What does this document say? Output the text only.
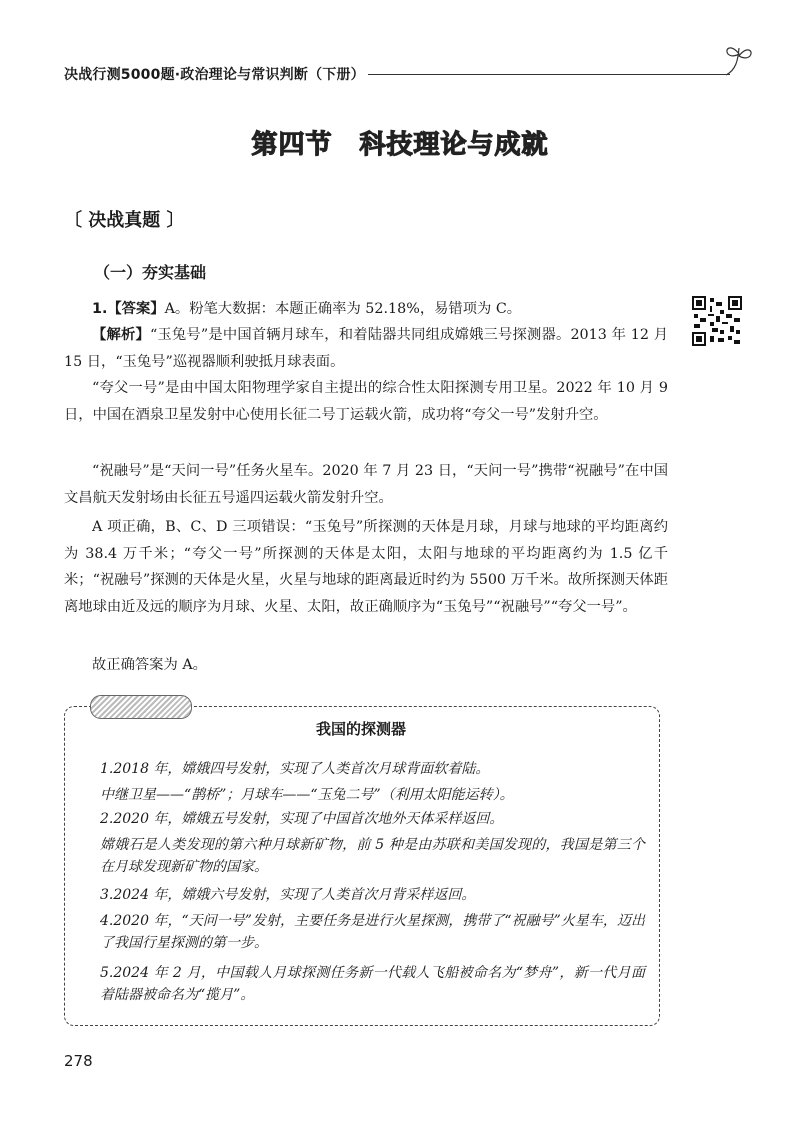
决战行测5000题·政治理论与常识判断（下册）
第四节　科技理论与成就
〔 决战真题 〕
（一）夯实基础

1.【答案】A。粉笔大数据：本题正确率为 52.18%，易错项为 C。

【解析】“玉兔号”是中国首辆月球车，和着陆器共同组成嫦娥三号探测器。2013 年 12 月 15 日，“玉兔号”巡视器顺利驶抵月球表面。

“夸父一号”是由中国太阳物理学家自主提出的综合性太阳探测专用卫星。2022 年 10 月 9 日，中国在酒泉卫星发射中心使用长征二号丁运载火箭，成功将“夸父一号”发射升空。

“祝融号”是“天问一号”任务火星车。2020 年 7 月 23 日，“天问一号”携带“祝融号”在中国文昌航天发射场由长征五号遥四运载火箭发射升空。

A 项正确，B、C、D 三项错误：“玉兔号”所探测的天体是月球，月球与地球的平均距离约为 38.4 万千米；“夸父一号”所探测的天体是太阳，太阳与地球的平均距离约为 1.5 亿千米；“祝融号”探测的天体是火星，火星与地球的距离最近时约为 5500 万千米。故所探测天体距离地球由近及远的顺序为月球、火星、太阳，故正确顺序为“玉兔号”“祝融号”“夸父一号”。

故正确答案为 A。

我国的探测器
1.2018 年，嫦娥四号发射，实现了人类首次月球背面软着陆。
中继卫星——“鹊桥”；月球车——“玉兔二号”（利用太阳能运转）。
2.2020 年，嫦娥五号发射，实现了中国首次地外天体采样返回。
嫦娥石是人类发现的第六种月球新矿物，前 5 种是由苏联和美国发现的，我国是第三个在月球发现新矿物的国家。
3.2024 年，嫦娥六号发射，实现了人类首次月背采样返回。
4.2020 年，“天问一号”发射，主要任务是进行火星探测，携带了“祝融号”火星车，迈出了我国行星探测的第一步。
5.2024 年 2 月，中国载人月球探测任务新一代载人飞船被命名为“梦舟”，新一代月面着陆器被命名为“揽月”。
278
